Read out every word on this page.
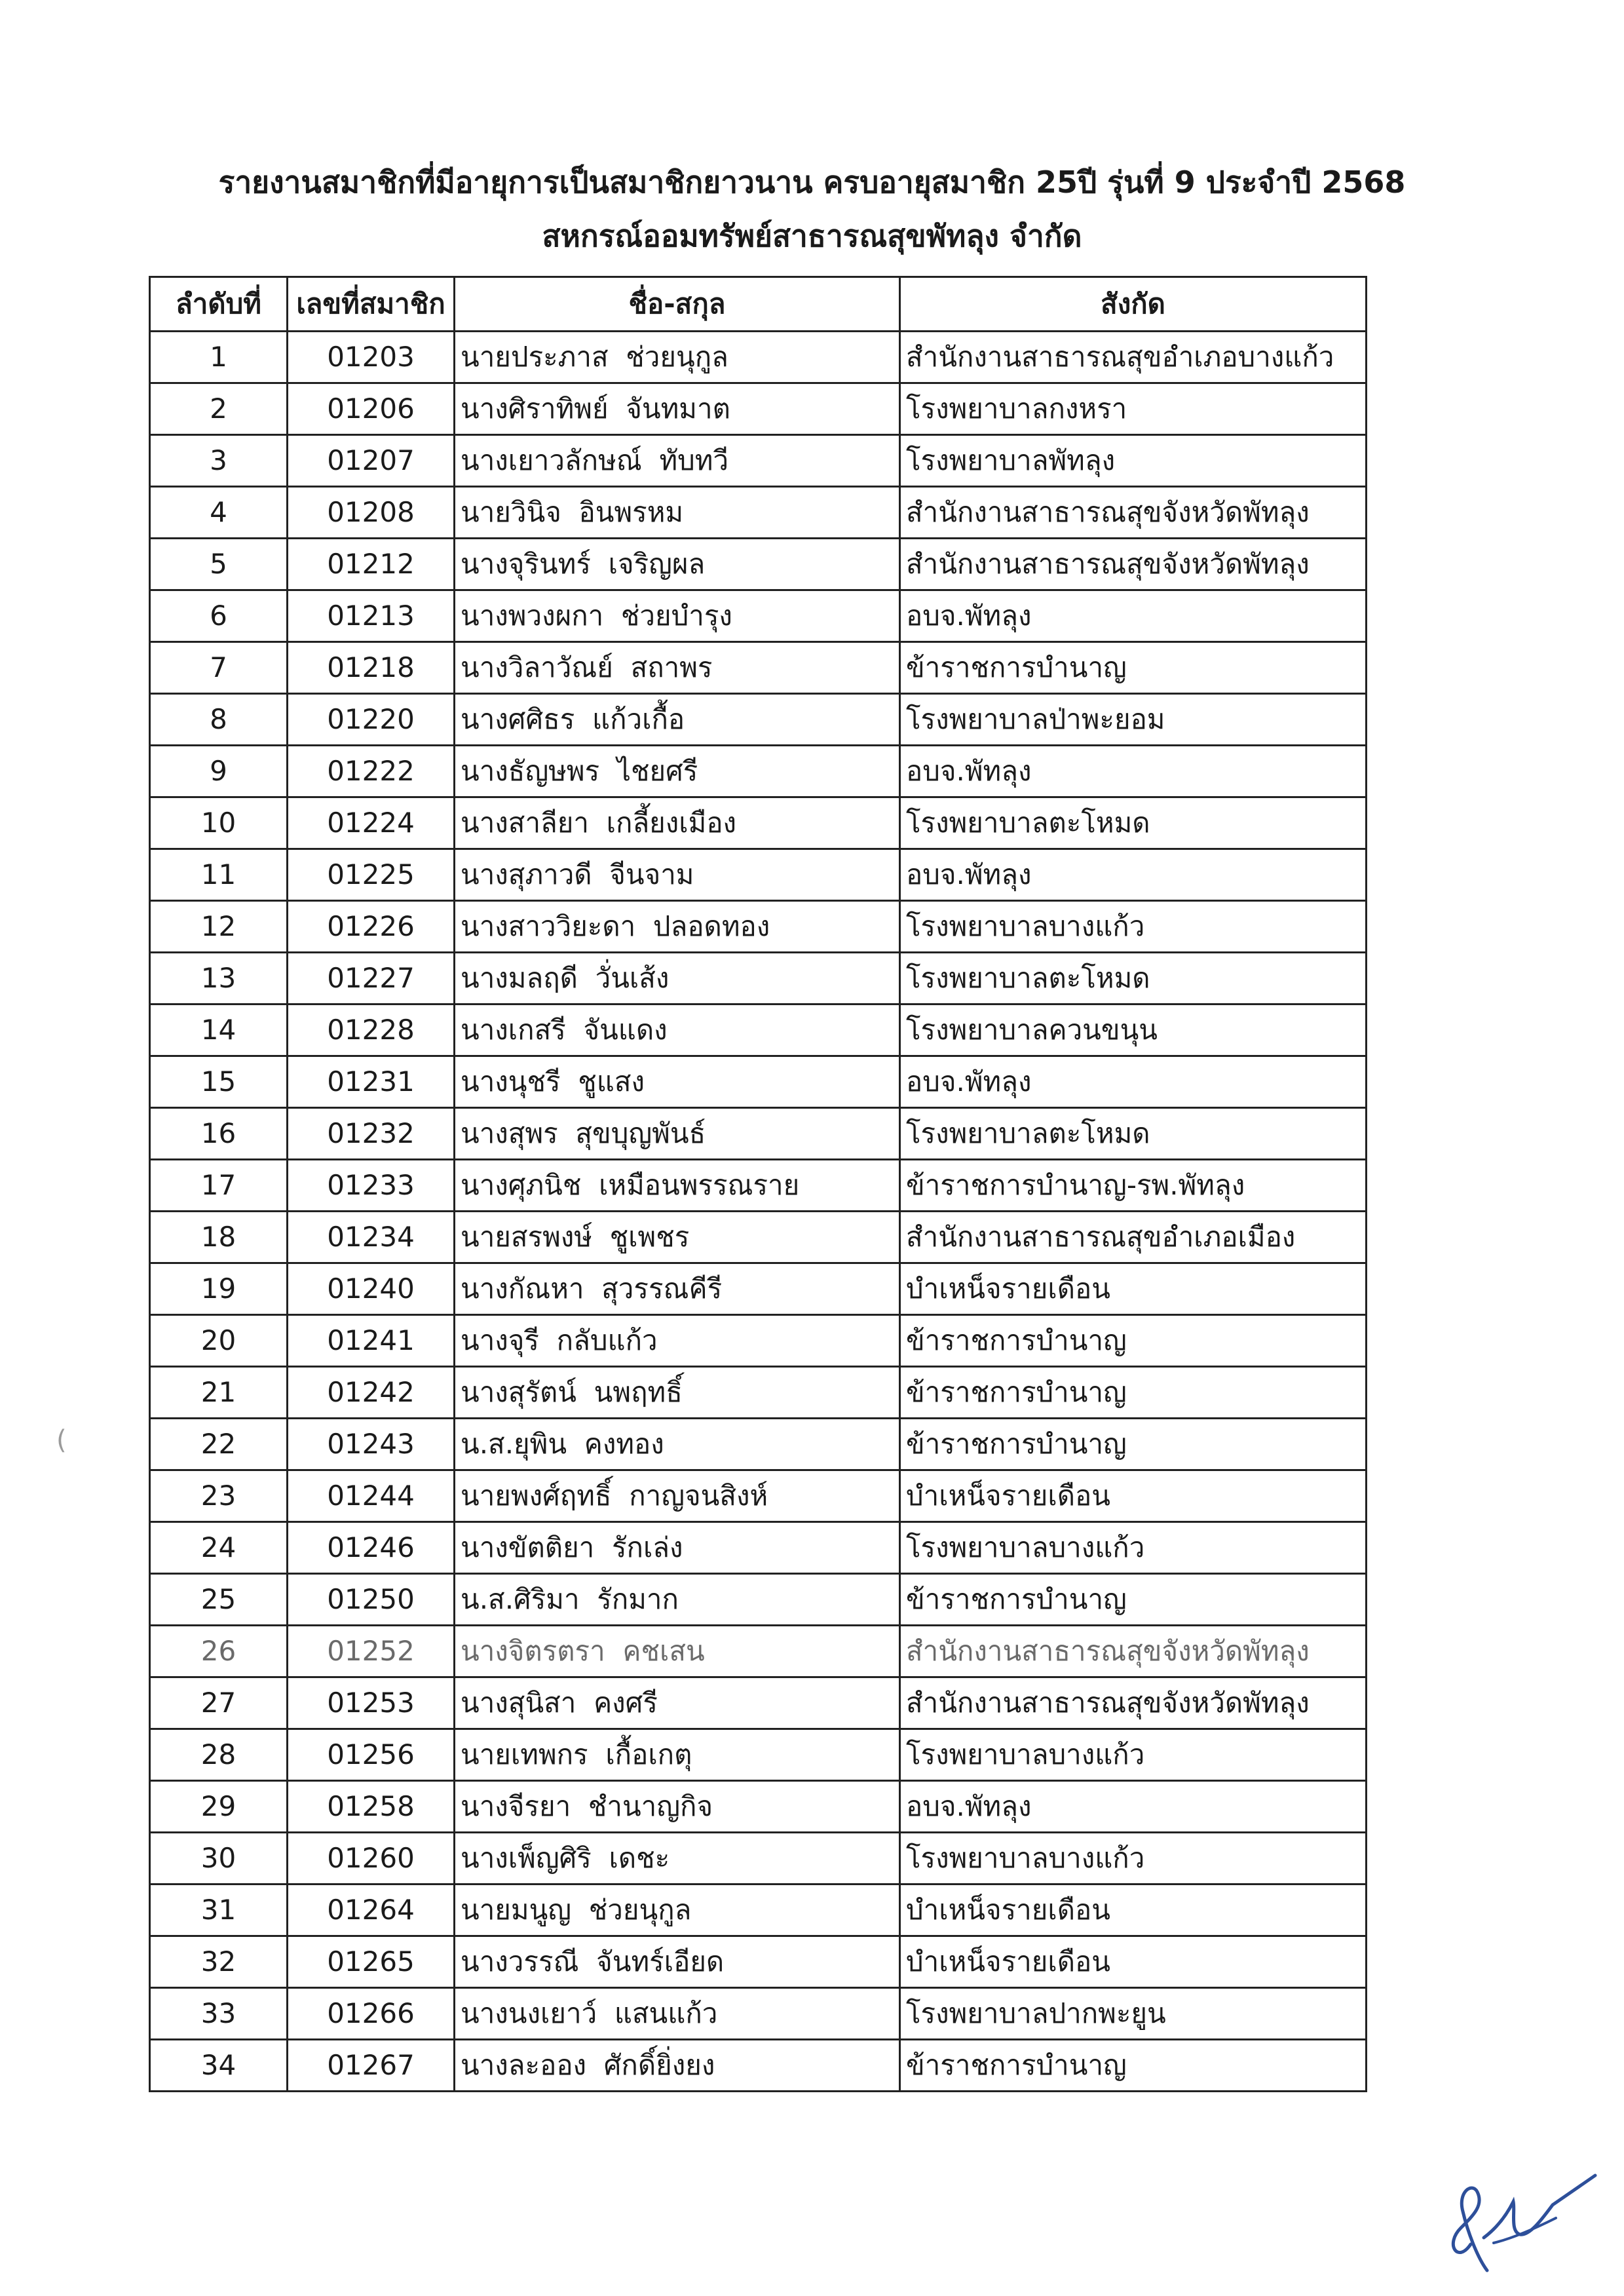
รายงานสมาชิกที่มีอายุการเป็นสมาชิกยาวนาน ครบอายุสมาชิก 25ปี รุ่นที่ 9 ประจำปี 2568
สหกรณ์ออมทรัพย์สาธารณสุขพัทลุง จำกัด
ลำดับที่	เลขที่สมาชิก	ชื่อ-สกุล	สังกัด
1	01203	นายประภาส  ช่วยนุกูล	สำนักงานสาธารณสุขอำเภอบางแก้ว
2	01206	นางศิราทิพย์  จันทมาต	โรงพยาบาลกงหรา
3	01207	นางเยาวลักษณ์  ทับทวี	โรงพยาบาลพัทลุง
4	01208	นายวินิจ  อินพรหม	สำนักงานสาธารณสุขจังหวัดพัทลุง
5	01212	นางจุรินทร์  เจริญผล	สำนักงานสาธารณสุขจังหวัดพัทลุง
6	01213	นางพวงผกา  ช่วยบำรุง	อบจ.พัทลุง
7	01218	นางวิลาวัณย์  สถาพร	ข้าราชการบำนาญ
8	01220	นางศศิธร  แก้วเกื้อ	โรงพยาบาลป่าพะยอม
9	01222	นางธัญษพร  ไชยศรี	อบจ.พัทลุง
10	01224	นางสาลียา  เกลี้ยงเมือง	โรงพยาบาลตะโหมด
11	01225	นางสุภาวดี  จีนจาม	อบจ.พัทลุง
12	01226	นางสาววิยะดา  ปลอดทอง	โรงพยาบาลบางแก้ว
13	01227	นางมลฤดี  วั่นเส้ง	โรงพยาบาลตะโหมด
14	01228	นางเกสรี  จันแดง	โรงพยาบาลควนขนุน
15	01231	นางนุชรี  ชูแสง	อบจ.พัทลุง
16	01232	นางสุพร  สุขบุญพันธ์	โรงพยาบาลตะโหมด
17	01233	นางศุภนิช  เหมือนพรรณราย	ข้าราชการบำนาญ-รพ.พัทลุง
18	01234	นายสรพงษ์  ชูเพชร	สำนักงานสาธารณสุขอำเภอเมือง
19	01240	นางกัณหา  สุวรรณคีรี	บำเหน็จรายเดือน
20	01241	นางจุรี  กลับแก้ว	ข้าราชการบำนาญ
21	01242	นางสุรัตน์  นพฤทธิ์	ข้าราชการบำนาญ
22	01243	น.ส.ยุพิน  คงทอง	ข้าราชการบำนาญ
23	01244	นายพงศ์ฤทธิ์  กาญจนสิงห์	บำเหน็จรายเดือน
24	01246	นางขัตติยา  รักเล่ง	โรงพยาบาลบางแก้ว
25	01250	น.ส.ศิริมา  รักมาก	ข้าราชการบำนาญ
26	01252	นางจิตรตรา  คชเสน	สำนักงานสาธารณสุขจังหวัดพัทลุง
27	01253	นางสุนิสา  คงศรี	สำนักงานสาธารณสุขจังหวัดพัทลุง
28	01256	นายเทพกร  เกื้อเกตุ	โรงพยาบาลบางแก้ว
29	01258	นางจีรยา  ชำนาญกิจ	อบจ.พัทลุง
30	01260	นางเพ็ญศิริ  เดชะ	โรงพยาบาลบางแก้ว
31	01264	นายมนูญ  ช่วยนุกูล	บำเหน็จรายเดือน
32	01265	นางวรรณี  จันทร์เอียด	บำเหน็จรายเดือน
33	01266	นางนงเยาว์  แสนแก้ว	โรงพยาบาลปากพะยูน
34	01267	นางละออง  ศักดิ์ยิ่งยง	ข้าราชการบำนาญ
(
